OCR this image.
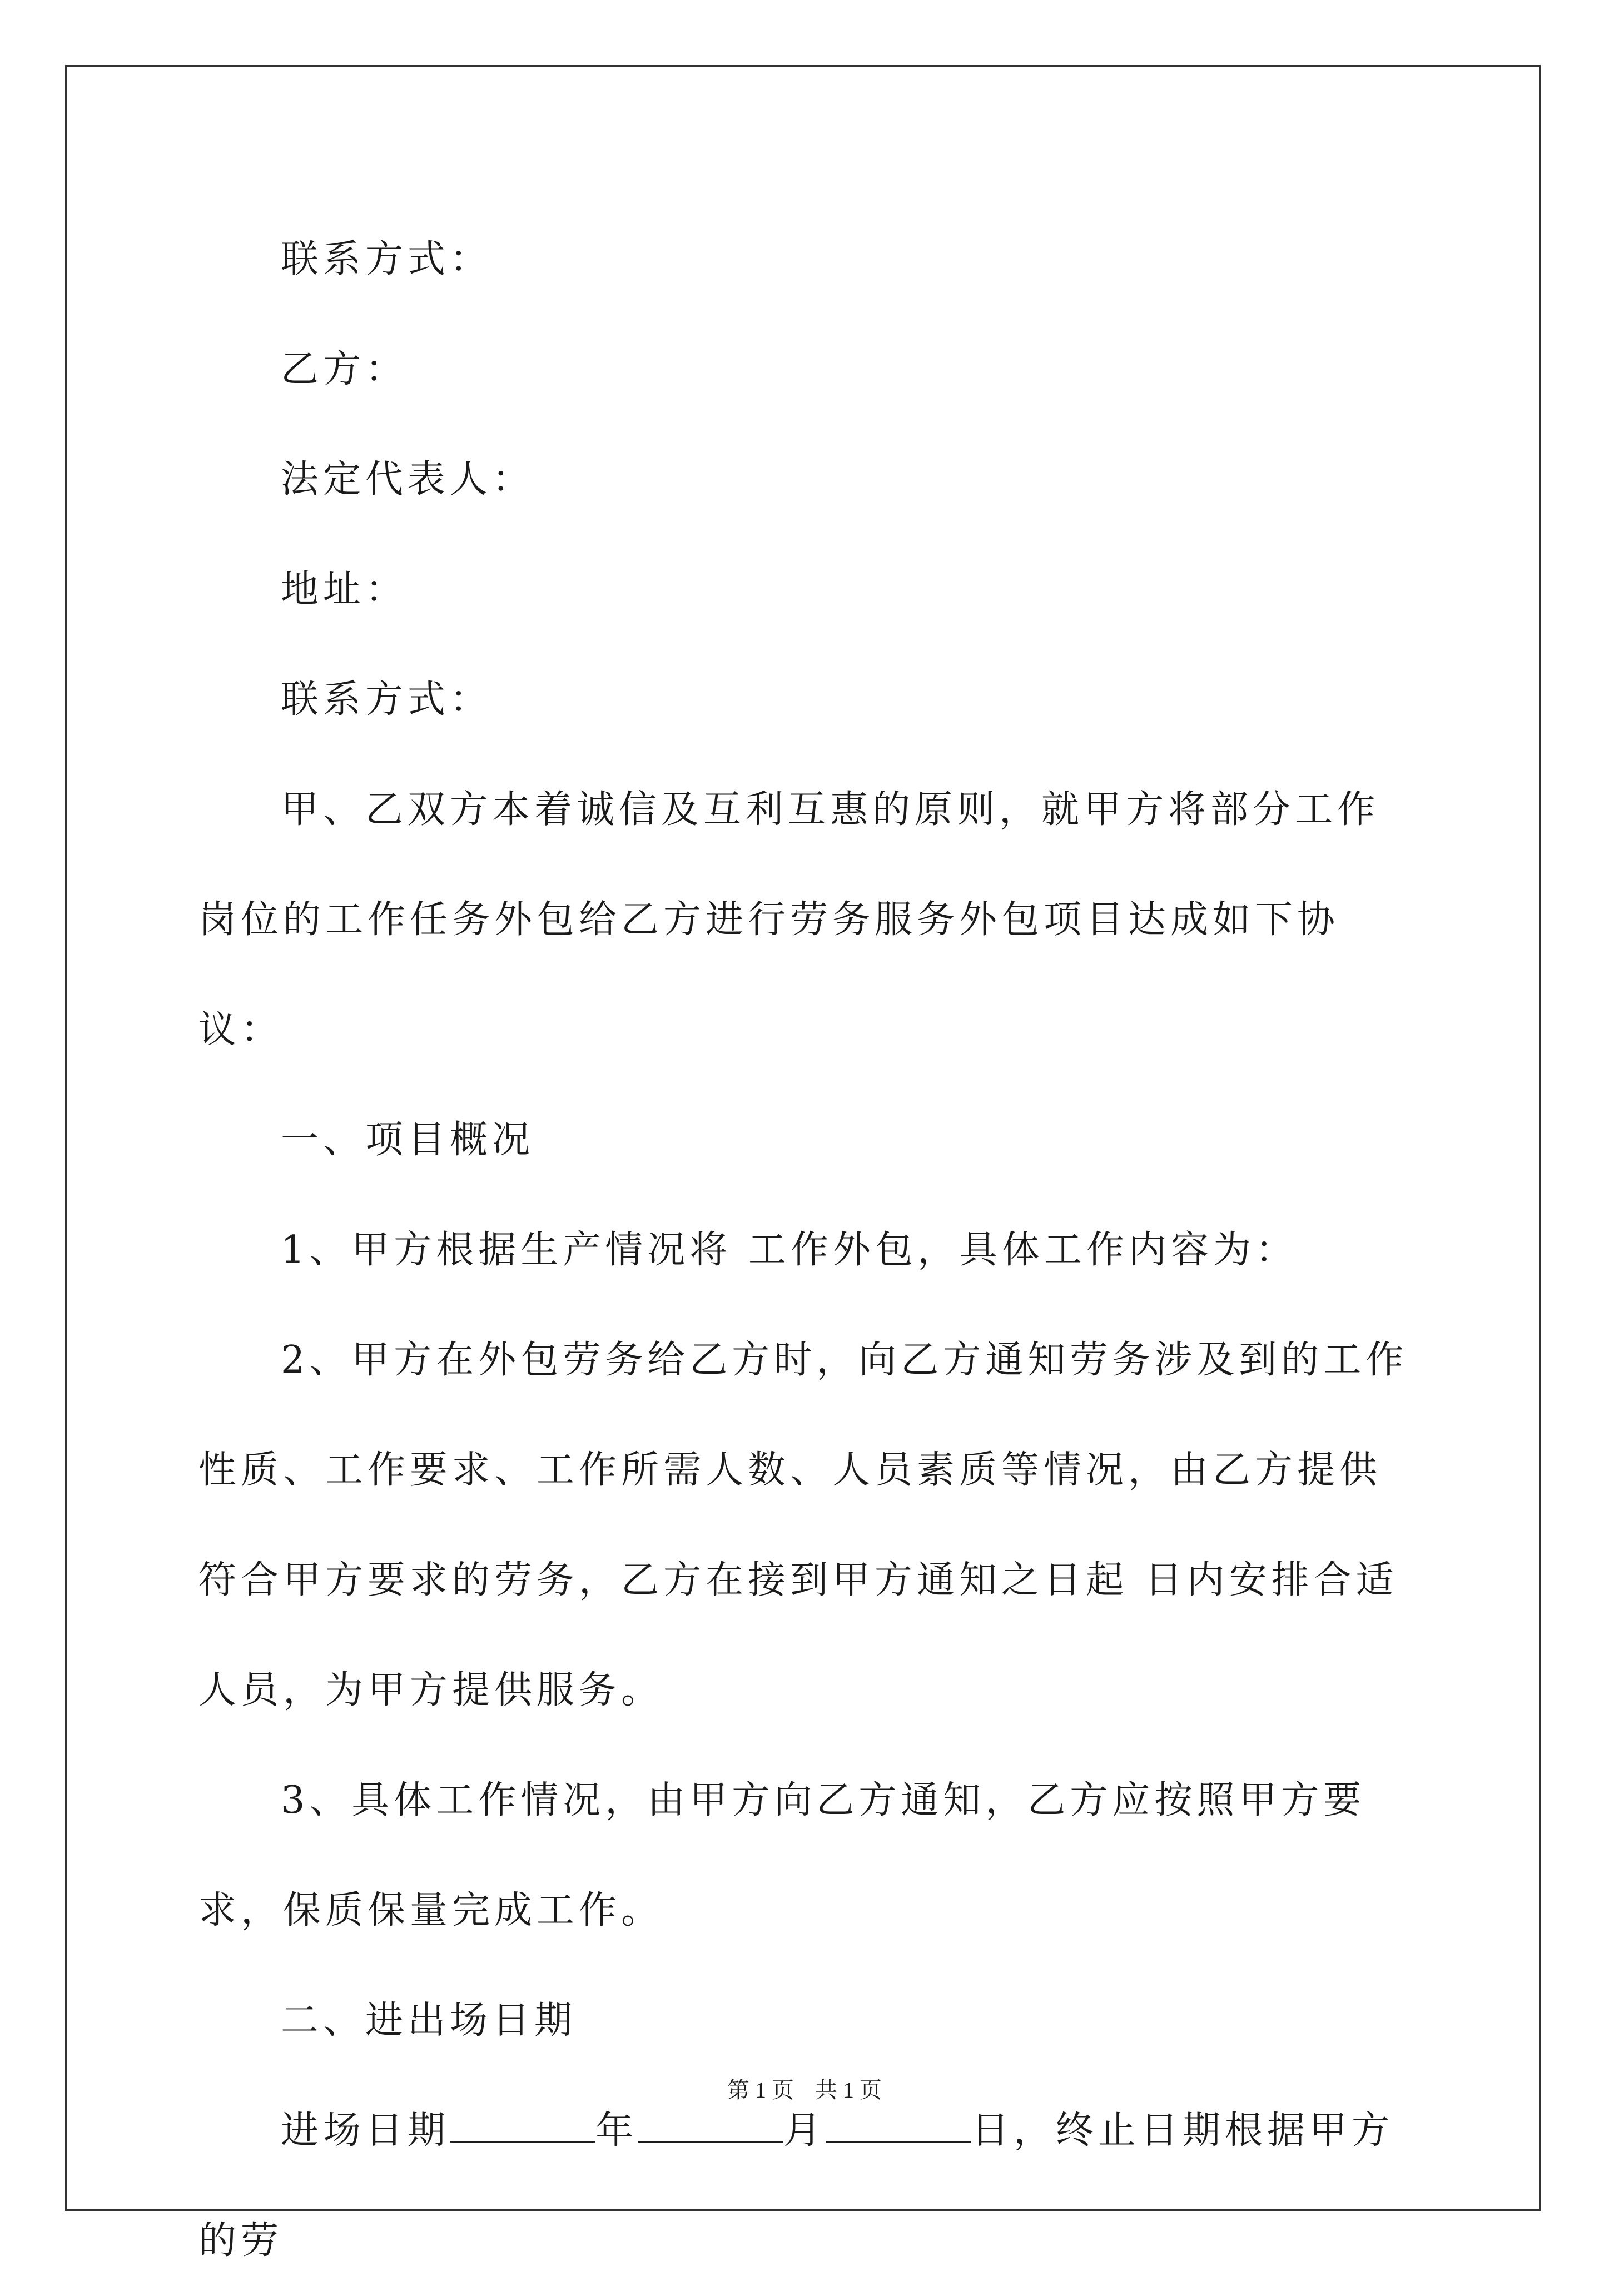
联系方式：

乙方：

法定代表人：

地址：

联系方式：

甲、乙双方本着诚信及互利互惠的原则，就甲方将部分工作岗位的工作任务外包给乙方进行劳务服务外包项目达成如下协议：

一、项目概况

1、甲方根据生产情况将 工作外包，具体工作内容为：

2、甲方在外包劳务给乙方时，向乙方通知劳务涉及到的工作性质、工作要求、工作所需人数、人员素质等情况，由乙方提供符合甲方要求的劳务，乙方在接到甲方通知之日起 日内安排合适人员，为甲方提供服务。

3、具体工作情况，由甲方向乙方通知，乙方应按照甲方要求，保质保量完成工作。

二、进出场日期

进场日期	年	月	日，终止日期根据甲方的劳

第 1 页 共 1 页
